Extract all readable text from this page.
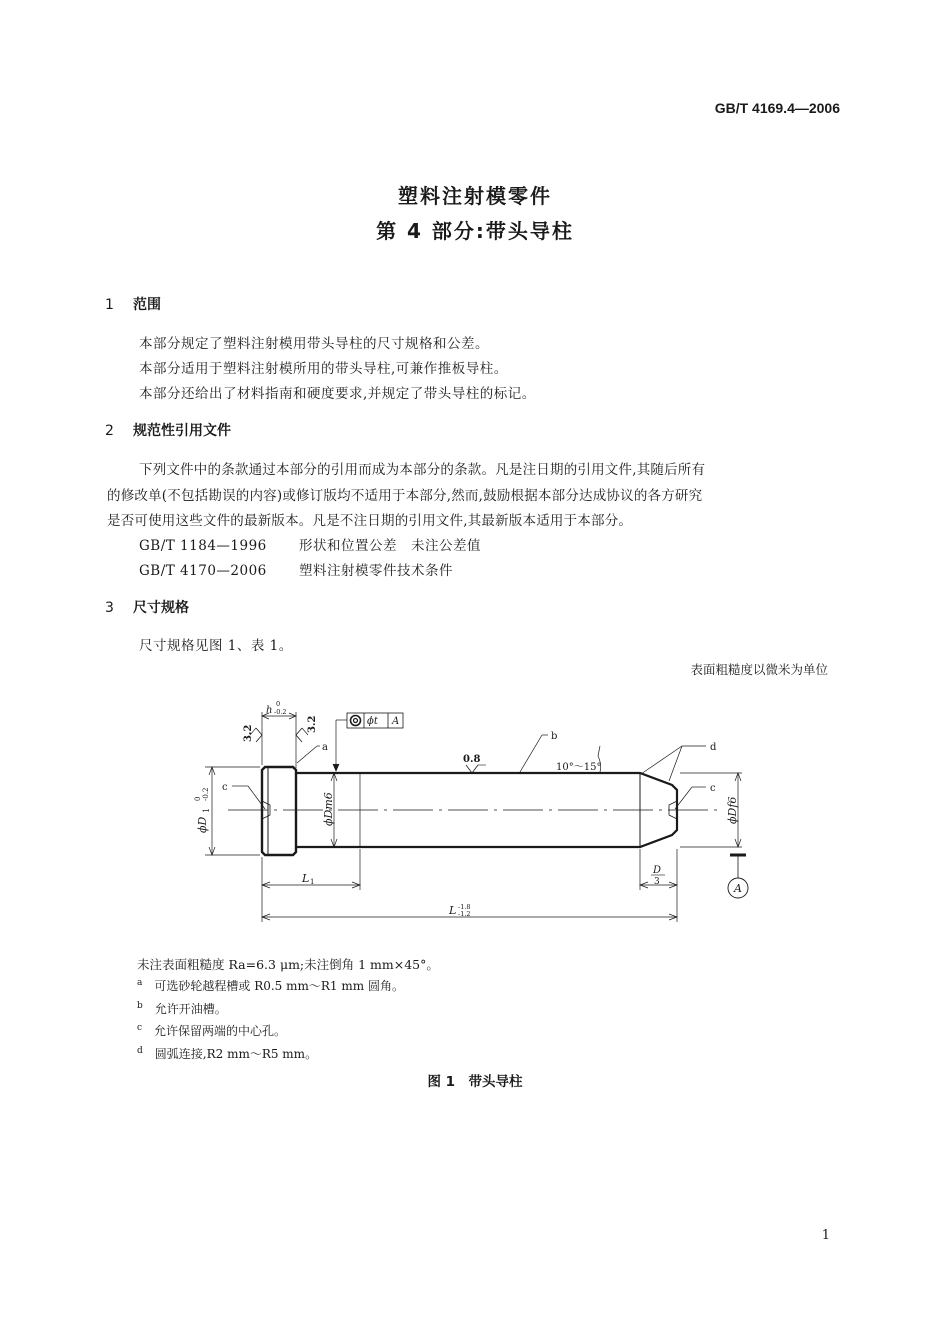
GB/T 4169.4—2006
塑料注射模零件
第 4 部分:带头导柱
1 范围
本部分规定了塑料注射模用带头导柱的尺寸规格和公差。
本部分适用于塑料注射模所用的带头导柱,可兼作推板导柱。
本部分还给出了材料指南和硬度要求,并规定了带头导柱的标记。
2 规范性引用文件
下列文件中的条款通过本部分的引用而成为本部分的条款。凡是注日期的引用文件,其随后所有
的修改单(不包括勘误的内容)或修订版均不适用于本部分,然而,鼓励根据本部分达成协议的各方研究
是否可使用这些文件的最新版本。凡是不注日期的引用文件,其最新版本适用于本部分。
GB/T 1184—1996 形状和位置公差　未注公差值
GB/T 4170—2006 塑料注射模零件技术条件
3 尺寸规格
尺寸规格见图 1、表 1。
表面粗糙度以微米为单位
ϕD
1
0 -0.2	ϕDm6	ϕDf6
A
L 1
D
3
L -1.8
-1.2
h
0
-0.2
3.2
3.2
a
c	c
ϕt A
0.8
b
10°～15°
d
未注表面粗糙度 Ra=6.3 μm;未注倒角 1 mm×45°。
$^a$ 可选砂轮越程槽或 R0.5 mm～R1 mm 圆角。
$^b$ 允许开油槽。
$^c$ 允许保留两端的中心孔。
$^d$ 圆弧连接,R2 mm～R5 mm。
图 1　带头导柱
1
